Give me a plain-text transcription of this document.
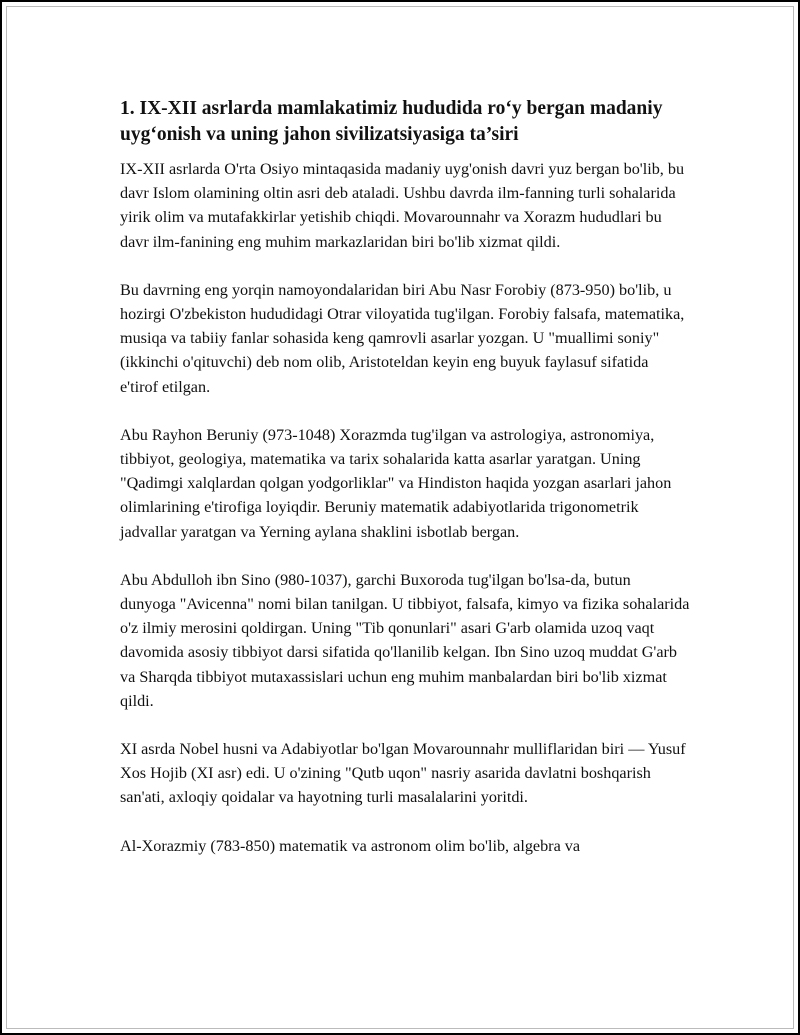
1. IX-XII asrlarda mamlakatimiz hududida ro‘y bergan madaniy uyg‘onish va uning jahon sivilizatsiyasiga ta’siri

IX-XII asrlarda O'rta Osiyo mintaqasida madaniy uyg'onish davri yuz bergan bo'lib, bu davr Islom olamining oltin asri deb ataladi. Ushbu davrda ilm-fanning turli sohalarida yirik olim va mutafakkirlar yetishib chiqdi. Movarounnahr va Xorazm hududlari bu davr ilm-fanining eng muhim markazlaridan biri bo'lib xizmat qildi.

Bu davrning eng yorqin namoyondalaridan biri Abu Nasr Forobiy (873-950) bo'lib, u hozirgi O'zbekiston hududidagi Otrar viloyatida tug'ilgan. Forobiy falsafa, matematika, musiqa va tabiiy fanlar sohasida keng qamrovli asarlar yozgan. U "muallimi soniy" (ikkinchi o'qituvchi) deb nom olib, Aristoteldan keyin eng buyuk faylasuf sifatida e'tirof etilgan.

Abu Rayhon Beruniy (973-1048) Xorazmda tug'ilgan va astrologiya, astronomiya, tibbiyot, geologiya, matematika va tarix sohalarida katta asarlar yaratgan. Uning "Qadimgi xalqlardan qolgan yodgorliklar" va Hindiston haqida yozgan asarlari jahon olimlarining e'tirofiga loyiqdir. Beruniy matematik adabiyotlarida trigonometrik jadvallar yaratgan va Yerning aylana shaklini isbotlab bergan.

Abu Abdulloh ibn Sino (980-1037), garchi Buxoroda tug'ilgan bo'lsa-da, butun dunyoga "Avicenna" nomi bilan tanilgan. U tibbiyot, falsafa, kimyo va fizika sohalarida o'z ilmiy merosini qoldirgan. Uning "Tib qonunlari" asari G'arb olamida uzoq vaqt davomida asosiy tibbiyot darsi sifatida qo'llanilib kelgan. Ibn Sino uzoq muddat G'arb va Sharqda tibbiyot mutaxassislari uchun eng muhim manbalardan biri bo'lib xizmat qildi.

XI asrda Nobel husni va Adabiyotlar bo'lgan Movarounnahr mulliflaridan biri — Yusuf Xos Hojib (XI asr) edi. U o'zining "Qutb uqon" nasriy asarida davlatni boshqarish san'ati, axloqiy qoidalar va hayotning turli masalalarini yoritdi.

Al-Xorazmiy (783-850) matematik va astronom olim bo'lib, algebra va
